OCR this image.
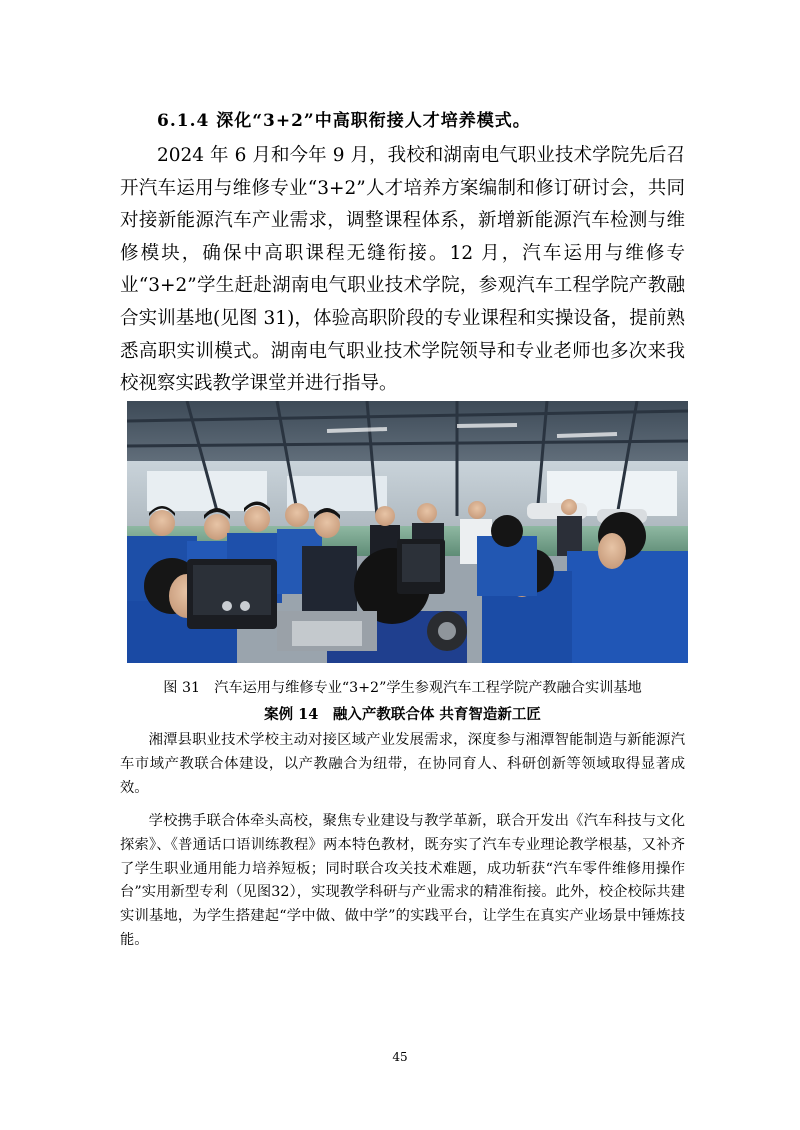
6.1.4 深化“3+2”中高职衔接人才培养模式。

2024 年 6 月和今年 9 月，我校和湖南电气职业技术学院先后召开汽车运用与维修专业“3+2”人才培养方案编制和修订研讨会，共同对接新能源汽车产业需求，调整课程体系，新增新能源汽车检测与维修模块，确保中高职课程无缝衔接。12 月，汽车运用与维修专业“3+2”学生赶赴湖南电气职业技术学院，参观汽车工程学院产教融合实训基地(见图 31)，体验高职阶段的专业课程和实操设备，提前熟悉高职实训模式。湖南电气职业技术学院领导和专业老师也多次来我校视察实践教学课堂并进行指导。

图 31　汽车运用与维修专业“3+2”学生参观汽车工程学院产教融合实训基地
案例 14　融入产教联合体 共育智造新工匠

湘潭县职业技术学校主动对接区域产业发展需求，深度参与湘潭智能制造与新能源汽车市域产教联合体建设，以产教融合为纽带，在协同育人、科研创新等领域取得显著成效。

学校携手联合体牵头高校，聚焦专业建设与教学革新，联合开发出《汽车科技与文化探索》、《普通话口语训练教程》两本特色教材，既夯实了汽车专业理论教学根基，又补齐了学生职业通用能力培养短板；同时联合攻关技术难题，成功斩获“汽车零件维修用操作台”实用新型专利（见图32），实现教学科研与产业需求的精准衔接。此外，校企校际共建实训基地，为学生搭建起“学中做、做中学”的实践平台，让学生在真实产业场景中锤炼技能。

45
